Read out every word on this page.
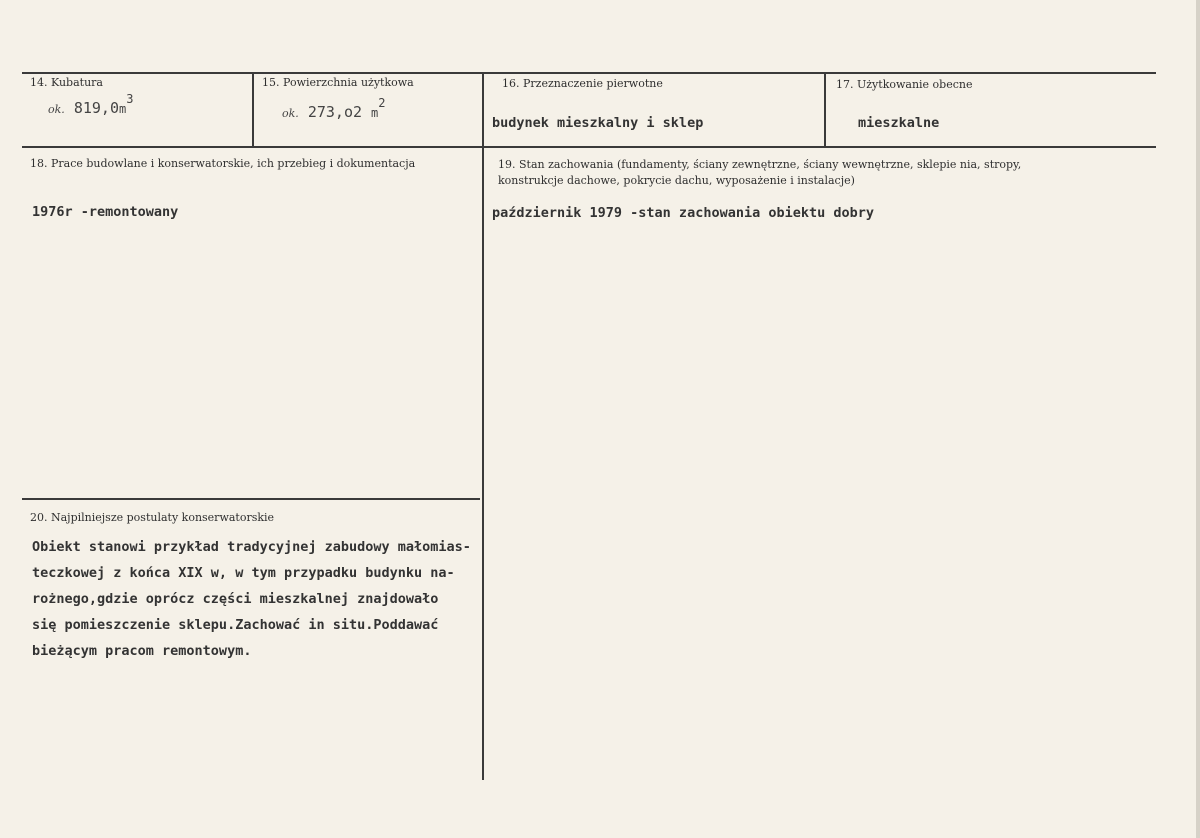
14. Kubatura
ok. $819,0m^3$
15. Powierzchnia użytkowa
ok. 273,o2 $m^2$
16. Przeznaczenie pierwotne
budynek mieszkalny i sklep
17. Użytkowanie obecne
mieszkalne
18. Prace budowlane i konserwatorskie, ich przebieg i dokumentacja
1976r -remontowany
19. Stan zachowania (fundamenty, ściany zewnętrzne, ściany wewnętrzne, sklepie nia, stropy,
konstrukcje dachowe, pokrycie dachu, wyposażenie i instalacje)
październik 1979 -stan zachowania obiektu dobry
20. Najpilniejsze postulaty konserwatorskie
Obiekt stanowi przykład tradycyjnej zabudowy małomias-
teczkowej z końca XIX w, w tym przypadku budynku na-
rożnego,gdzie oprócz części mieszkalnej znajdowało
się pomieszczenie sklepu.Zachować in situ.Poddawać
bieżącym pracom remontowym.
